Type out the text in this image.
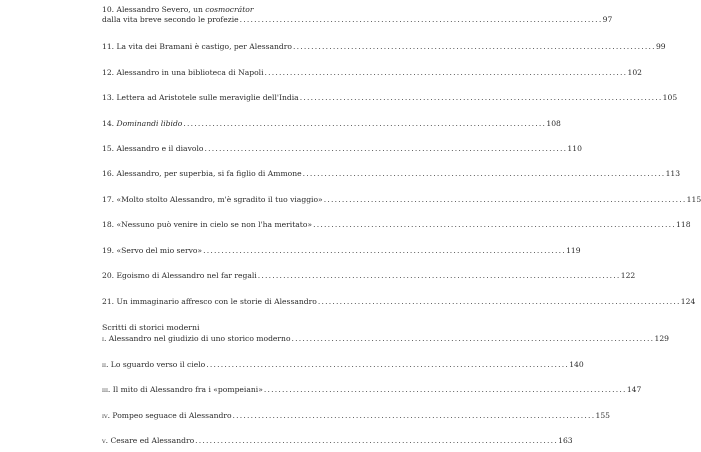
10. Alessandro Severo, un cosmocrátor
dalla vita breve secondo le profezie . . .	97
11. La vita dei Bramani è castigo, per Alessandro . . .	99
12. Alessandro in una biblioteca di Napoli . . .	102
13. Lettera ad Aristotele sulle meraviglie dell'India . . .	105
14. Dominandi libido . . .	108
15. Alessandro e il diavolo . . .	110
16. Alessandro, per superbia, si fa figlio di Ammone . . .	113
17. «Molto stolto Alessandro, m'è sgradito il tuo viaggio» . . .	115
18. «Nessuno può venire in cielo se non l'ha meritato» . . .	118
19. «Servo del mio servo» . . .	119
20. Egoismo di Alessandro nel far regali . . .	122
21. Un immaginario affresco con le storie di Alessandro . . .	124
Scritti di storici moderni
i. Alessandro nel giudizio di uno storico moderno . . .	129
ii. Lo sguardo verso il cielo . . .	140
iii. Il mito di Alessandro fra i «pompeiani» . . .	147
iv. Pompeo seguace di Alessandro . . .	155
v. Cesare ed Alessandro . . .	163
